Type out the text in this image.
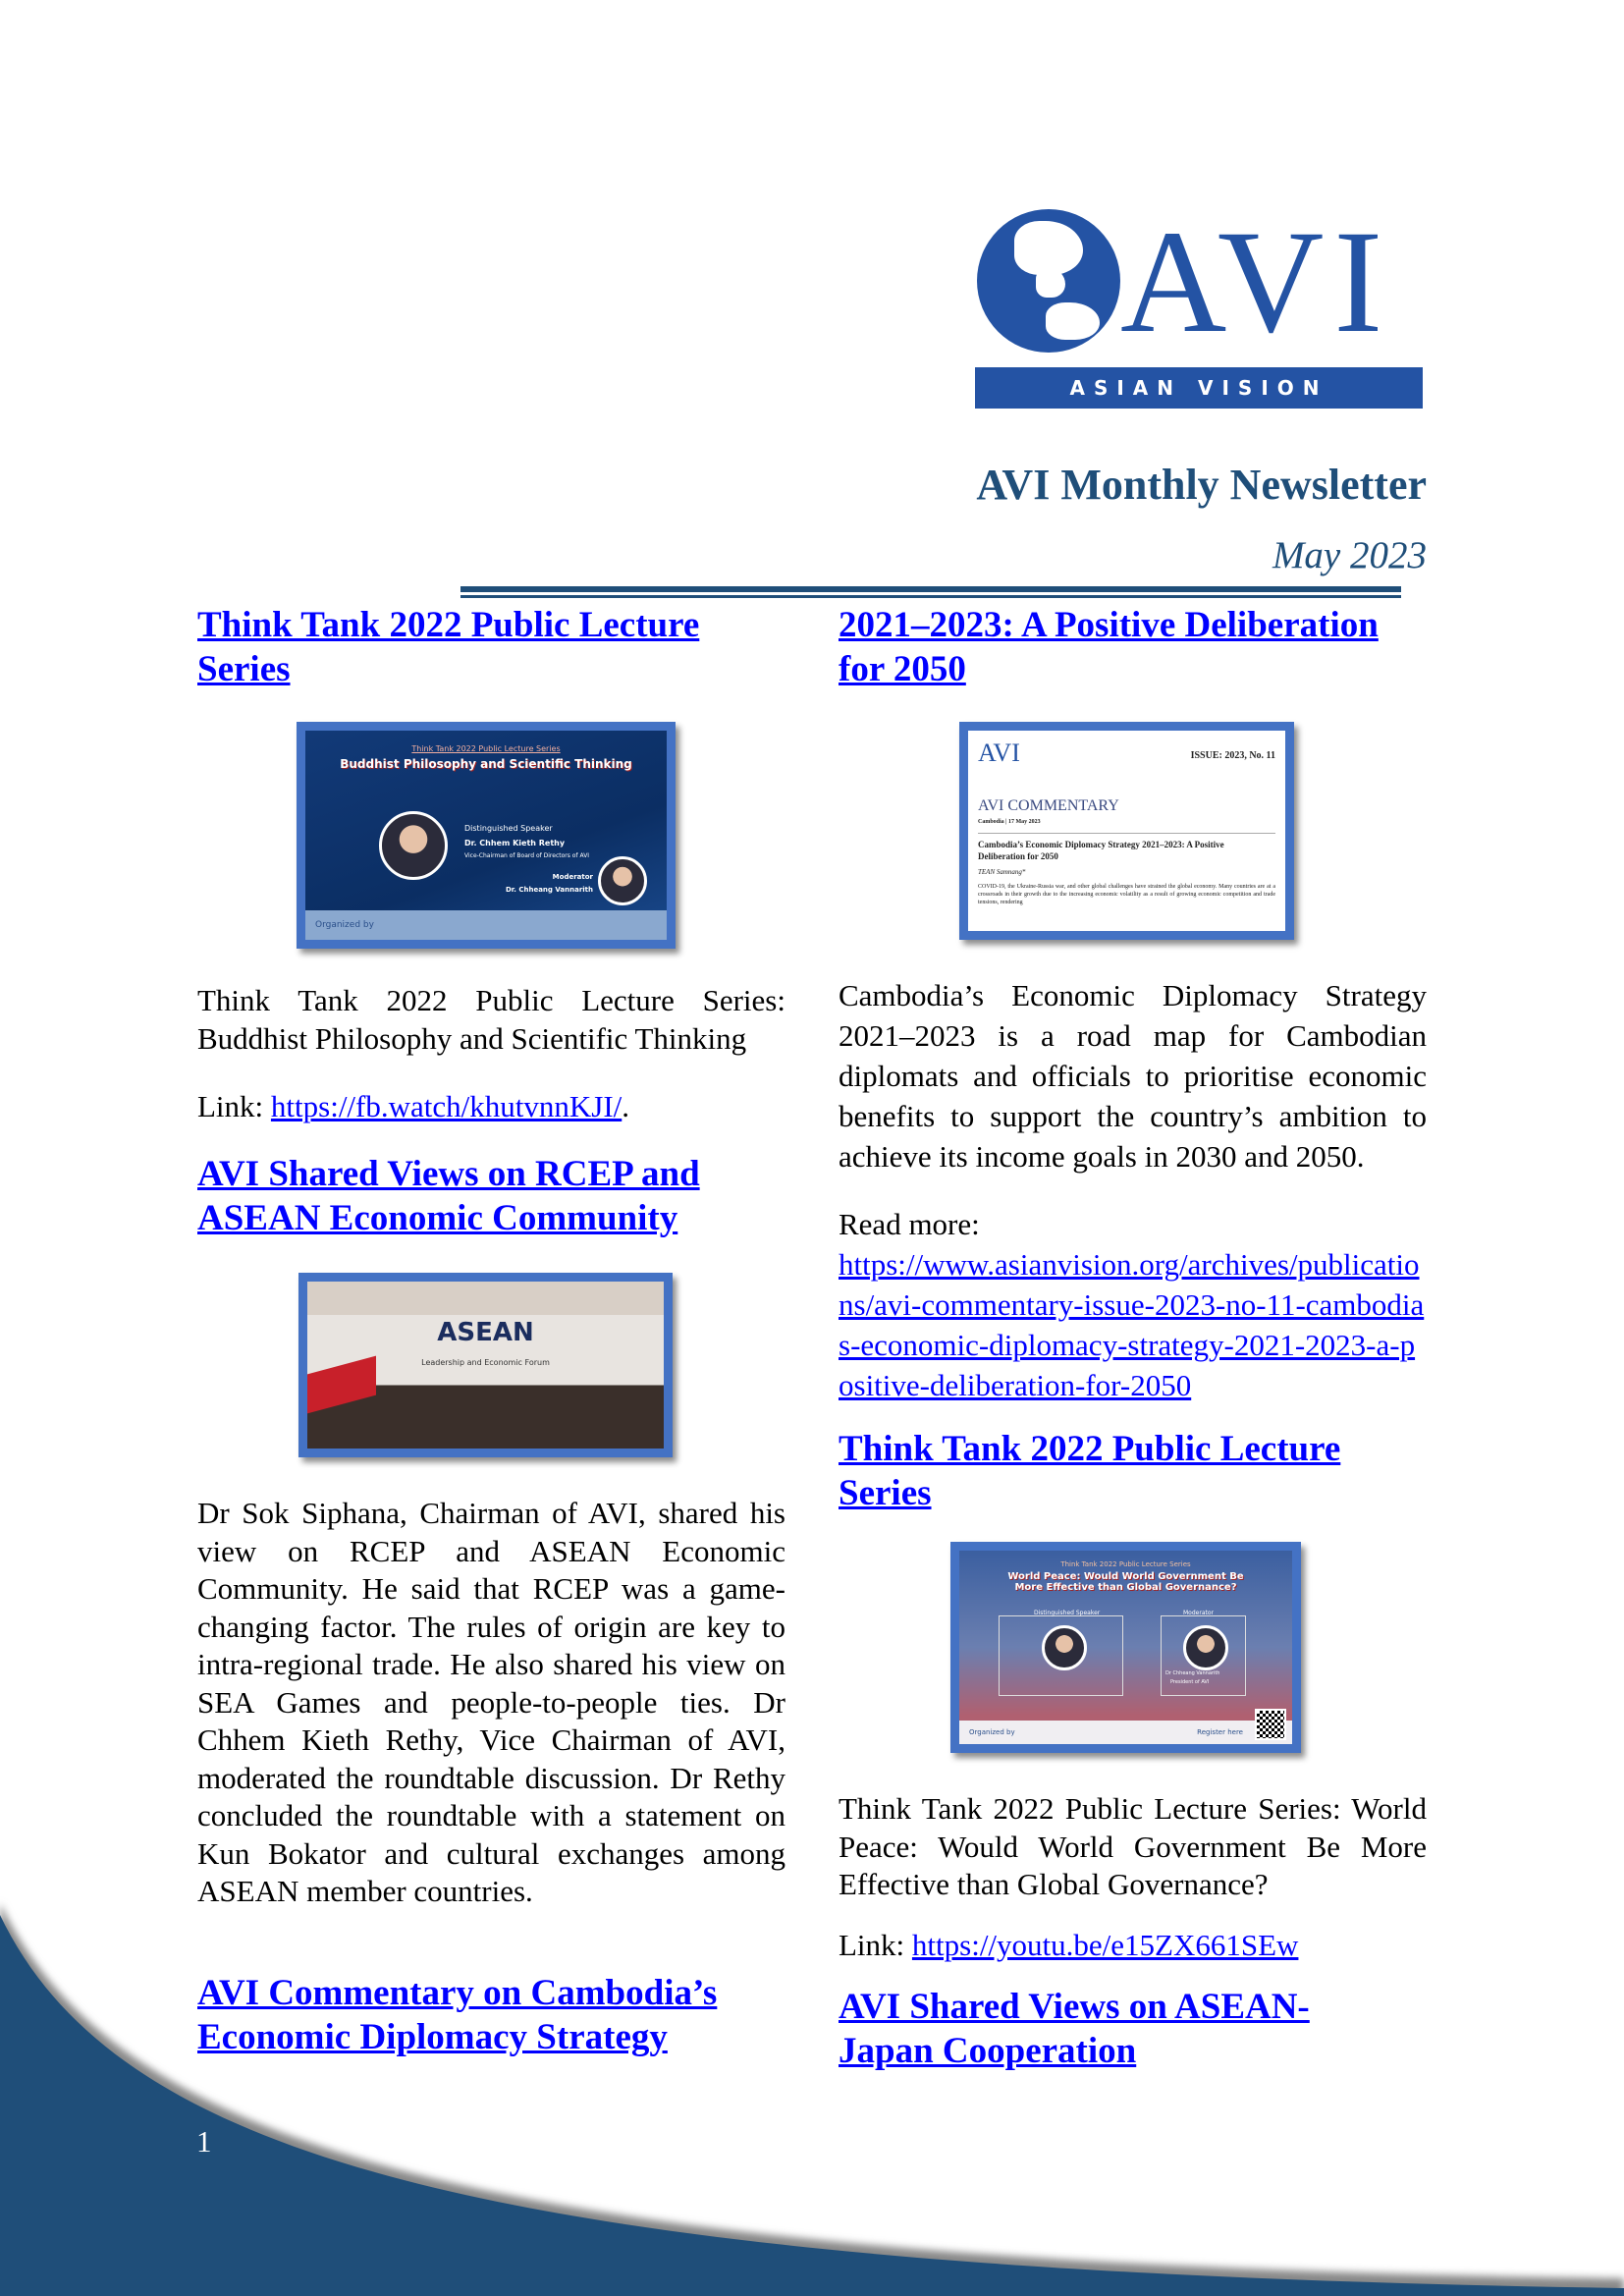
AVI
ASIAN VISION INSTITUTE
AVI Monthly Newsletter
May 2023
Think Tank 2022 Public Lecture Series
Think Tank 2022 Public Lecture Series
Buddhist Philosophy and Scientific Thinking
Distinguished Speaker
Dr. Chhem Kieth Rethy
Vice-Chairman of Board of Directors of AVI
Moderator
Dr. Chheang Vannarith
Organized by

Think Tank 2022 Public Lecture Series: Buddhist Philosophy and Scientific Thinking

Link: https://fb.watch/khutvnnKJI/.

AVI Shared Views on RCEP and ASEAN Economic Community
ASEAN
Leadership and Economic Forum

Dr Sok Siphana, Chairman of AVI, shared his view on RCEP and ASEAN Economic Community. He said that RCEP was a game-changing factor. The rules of origin are key to intra-regional trade. He also shared his view on SEA Games and people-to-people ties. Dr Chhem Kieth Rethy, Vice Chairman of AVI, moderated the roundtable discussion. Dr Rethy concluded the roundtable with a statement on Kun Bokator and cultural exchanges among ASEAN member countries.

AVI Commentary on Cambodia’s Economic Diplomacy Strategy
1
2021–2023: A Positive Deliberation for 2050
AVI	ISSUE: 2023, No. 11
AVI COMMENTARY
Cambodia | 17 May 2023
Cambodia’s Economic Diplomacy Strategy 2021–2023: A Positive Deliberation for 2050
TEAN Samnang*
COVID-19, the Ukraine-Russia war, and other global challenges have strained the global economy. Many countries are at a crossroads in their growth due to the increasing economic volatility as a result of growing economic competition and trade tensions, rendering

Cambodia’s Economic Diplomacy Strategy 2021–2023 is a road map for Cambodian diplomats and officials to prioritise economic benefits to support the country’s ambition to achieve its income goals in 2030 and 2050.

Read more:
https://www.asianvision.org/archives/publications/avi-commentary-issue-2023-no-11-cambodias-economic-diplomacy-strategy-2021-2023-a-positive-deliberation-for-2050

Think Tank 2022 Public Lecture Series
Think Tank 2022 Public Lecture Series
World Peace: Would World Government Be More Effective than Global Governance?
Distinguished Speaker	Moderator
Dr Chheang Vannarith
President of AVI
Organized by	Register here

Think Tank 2022 Public Lecture Series: World Peace: Would World Government Be More Effective than Global Governance?

Link: https://youtu.be/e15ZX661SEw

AVI Shared Views on ASEAN-Japan Cooperation
